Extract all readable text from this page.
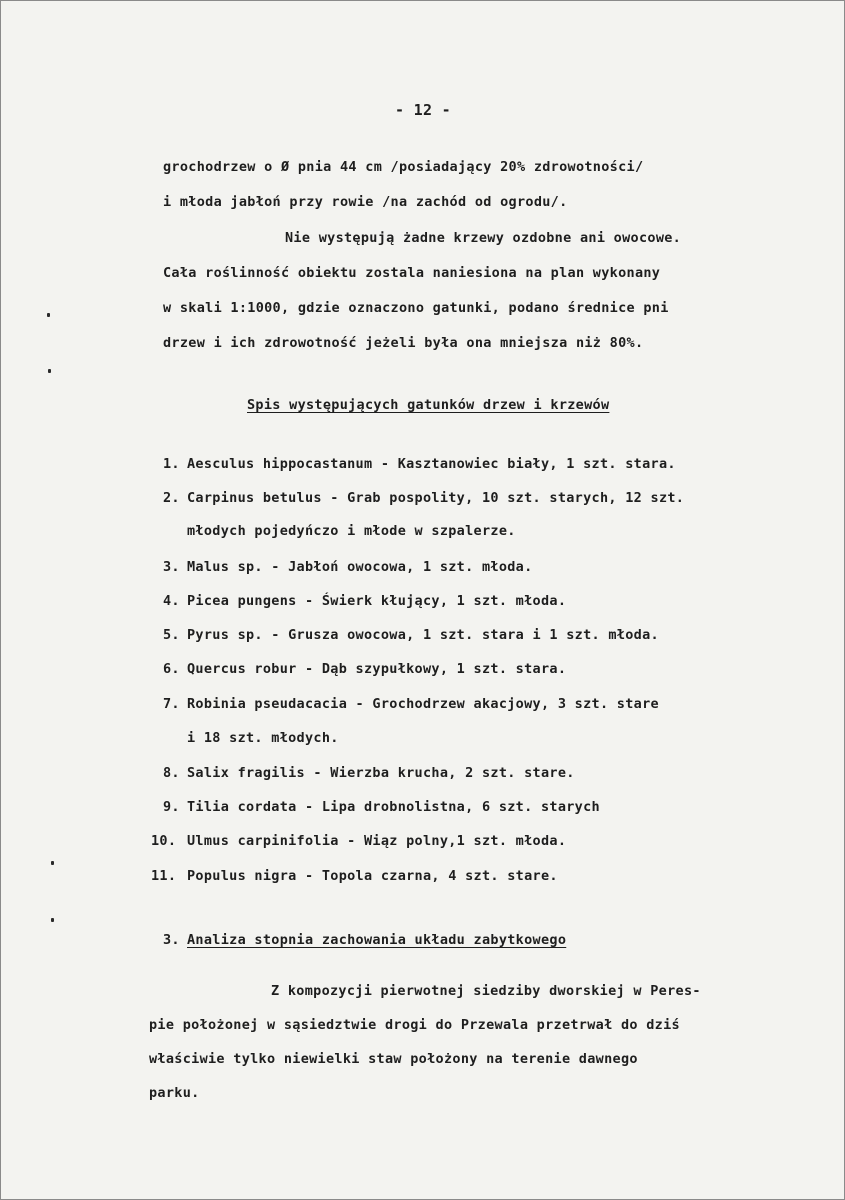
- 12 -
grochodrzew o Ø pnia 44 cm /posiadający 20% zdrowotności/
i młoda jabłoń przy rowie /na zachód od ogrodu/.
Nie występują żadne krzewy ozdobne ani owocowe.
Cała roślinność obiektu zostala naniesiona na plan wykonany
w skali 1:1000, gdzie oznaczono gatunki, podano średnice pni
drzew i ich zdrowotność jeżeli była ona mniejsza niż 80%.
Spis występujących gatunków drzew i krzewów
1. Aesculus hippocastanum - Kasztanowiec biały, 1 szt. stara.
2. Carpinus betulus - Grab pospolity, 10 szt. starych, 12 szt.
młodych pojedyńczo i młode w szpalerze.
3. Malus sp. - Jabłoń owocowa, 1 szt. młoda.
4. Picea pungens - Świerk kłujący, 1 szt. młoda.
5. Pyrus sp. - Grusza owocowa, 1 szt. stara i 1 szt. młoda.
6. Quercus robur - Dąb szypułkowy, 1 szt. stara.
7. Robinia pseudacacia - Grochodrzew akacjowy, 3 szt. stare
i 18 szt. młodych.
8. Salix fragilis - Wierzba krucha, 2 szt. stare.
9. Tilia cordata - Lipa drobnolistna, 6 szt. starych
10. Ulmus carpinifolia - Wiąz polny,1 szt. młoda.
11. Populus nigra - Topola czarna, 4 szt. stare.
3. Analiza stopnia zachowania układu zabytkowego
Z kompozycji pierwotnej siedziby dworskiej w Peres-
pie położonej w sąsiedztwie drogi do Przewala przetrwał do dziś
właściwie tylko niewielki staw położony na terenie dawnego
parku.
